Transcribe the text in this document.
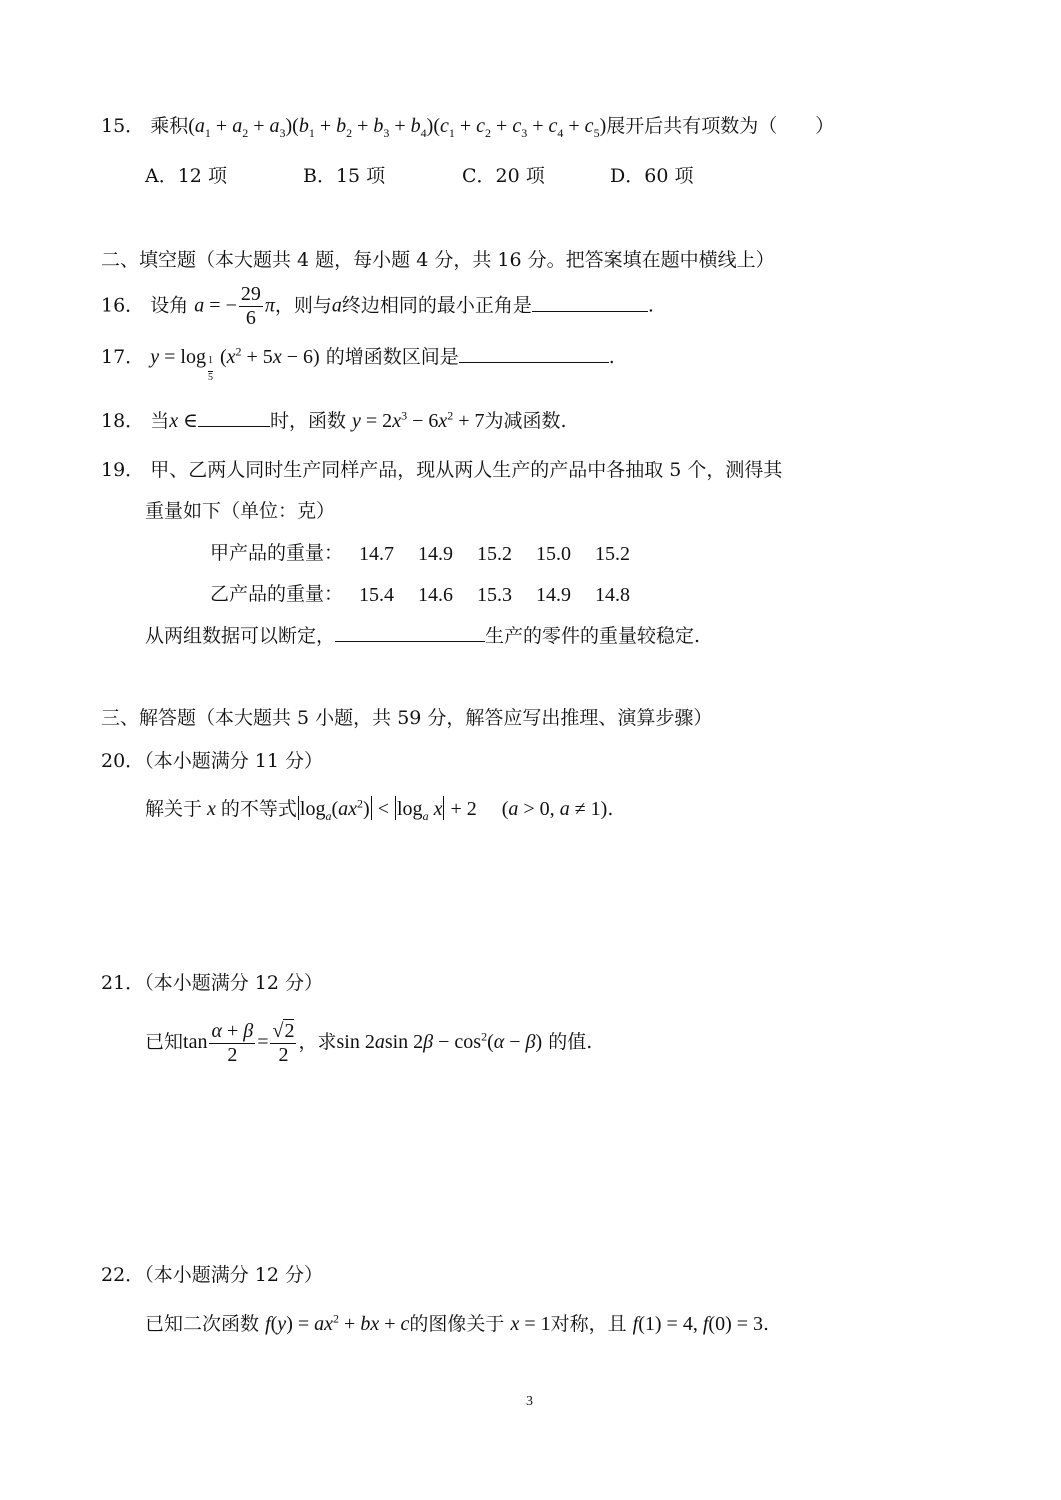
15． 乘积$(a_1 + a_2 + a_3)(b_1 + b_2 + b_3 + b_4)(c_1 + c_2 + c_3 + c_4 + c_5)$展开后共有项数为（　　）
A．12 项	B．15 项	C．20 项	D．60 项
二、填空题（本大题共 4 题，每小题 4 分，共 16 分。把答案填在题中横线上）
16． 设角 a = − $\frac{29}{6}$ π，则与a终边相同的最小正角是	.
17． $y = \log \frac{1}{5} (x^2 + 5x - 6)$ 的增函数区间是	.
18． 当x ∈	时，函数 $y = 2x^3 - 6x^2 + 7$为减函数.
19． 甲、乙两人同时生产同样产品，现从两人生产的产品中各抽取 5 个，测得其
重量如下（单位：克）
甲产品的重量： 14.7 14.9 15.2 15.0 15.2
乙产品的重量： 15.4 14.6 15.3 14.9 14.8
从两组数据可以断定，	生产的零件的重量较稳定.
三、解答题（本大题共 5 小题，共 59 分，解答应写出推理、演算步骤）
20．（本小题满分 11 分）
解关于 x 的不等式 $\log_a(ax^2) < \log_a x + 2$     (a > 0, a ≠ 1).
21．（本小题满分 12 分）
已知$\tan \frac{\alpha + \beta}{2} = \frac{√2}{2}$ ，求sin 2asin $2\beta - \cos^2(\alpha - \beta)$ 的值.
22．（本小题满分 12 分）
已知二次函数 $f(y) = ax^2$ + bx + c的图像关于 x = 1对称，且 f(1) = 4, f(0) = 3.
3
